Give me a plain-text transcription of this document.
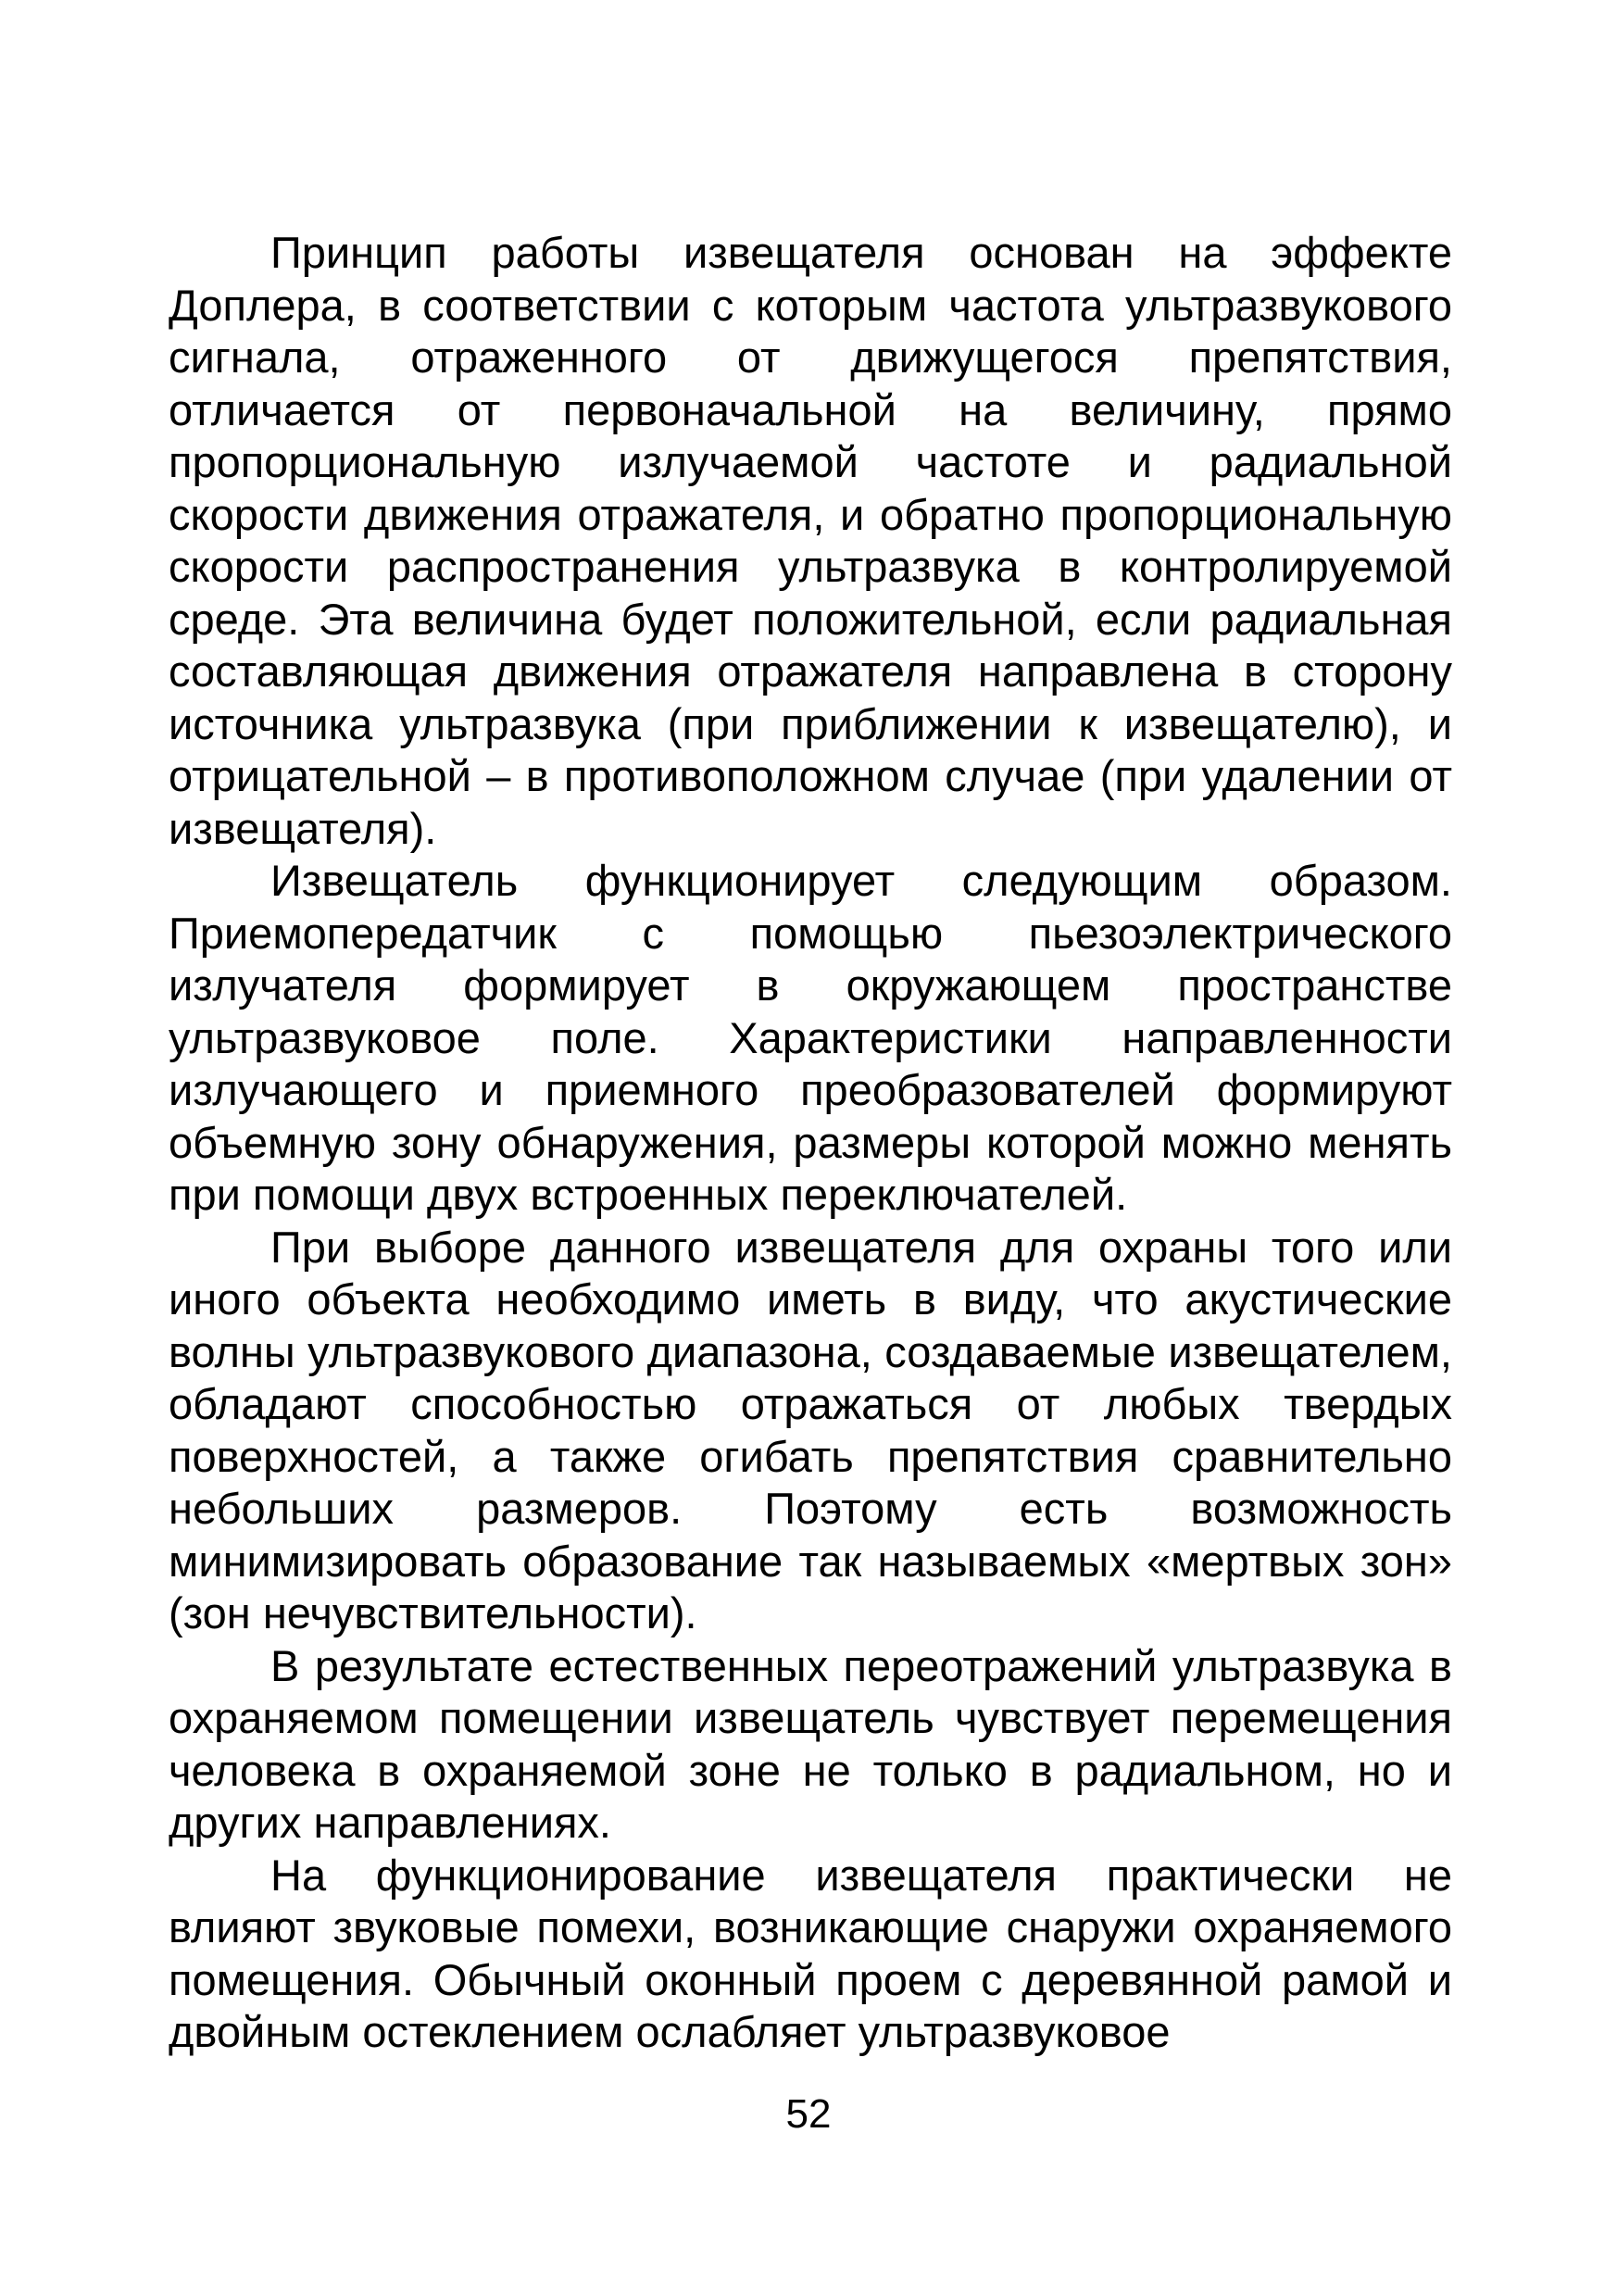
Принцип работы извещателя основан на эффекте Доплера, в соответствии с которым частота ультразвукового сигнала, отраженного от движущегося препятствия, отличается от первоначальной на величину, прямо пропорциональную излучаемой частоте и радиальной скорости движения отражателя, и обратно пропорциональную скорости распространения ультразвука в контролируемой среде. Эта величина будет положительной, если радиальная составляющая движения отражателя направлена в сторону источника ультразвука (при приближении к извещателю), и отрицательной – в противоположном случае (при удалении от извещателя).

Извещатель функционирует следующим образом. Приемопередатчик с помощью пьезоэлектрического излучателя формирует в окружающем пространстве ультразвуковое поле. Характеристики направленности излучающего и приемного преобразователей формируют объемную зону обнаружения, размеры которой можно менять при помощи двух встроенных переключателей.

При выборе данного извещателя для охраны того или иного объекта необходимо иметь в виду, что акустические волны ультразвукового диапазона, создаваемые извещателем, обладают способностью отражаться от любых твердых поверхностей, а также огибать препятствия сравнительно небольших размеров. Поэтому есть возможность минимизировать образование так называемых «мертвых зон» (зон нечувствительности).

В результате естественных переотражений ультразвука в охраняемом помещении извещатель чувствует перемещения человека в охраняемой зоне не только в радиальном, но и других направлениях.

На функционирование извещателя практически не влияют звуковые помехи, возникающие снаружи охраняемого помещения. Обычный оконный проем с деревянной рамой и двойным остеклением ослабляет ультразвуковое

52
